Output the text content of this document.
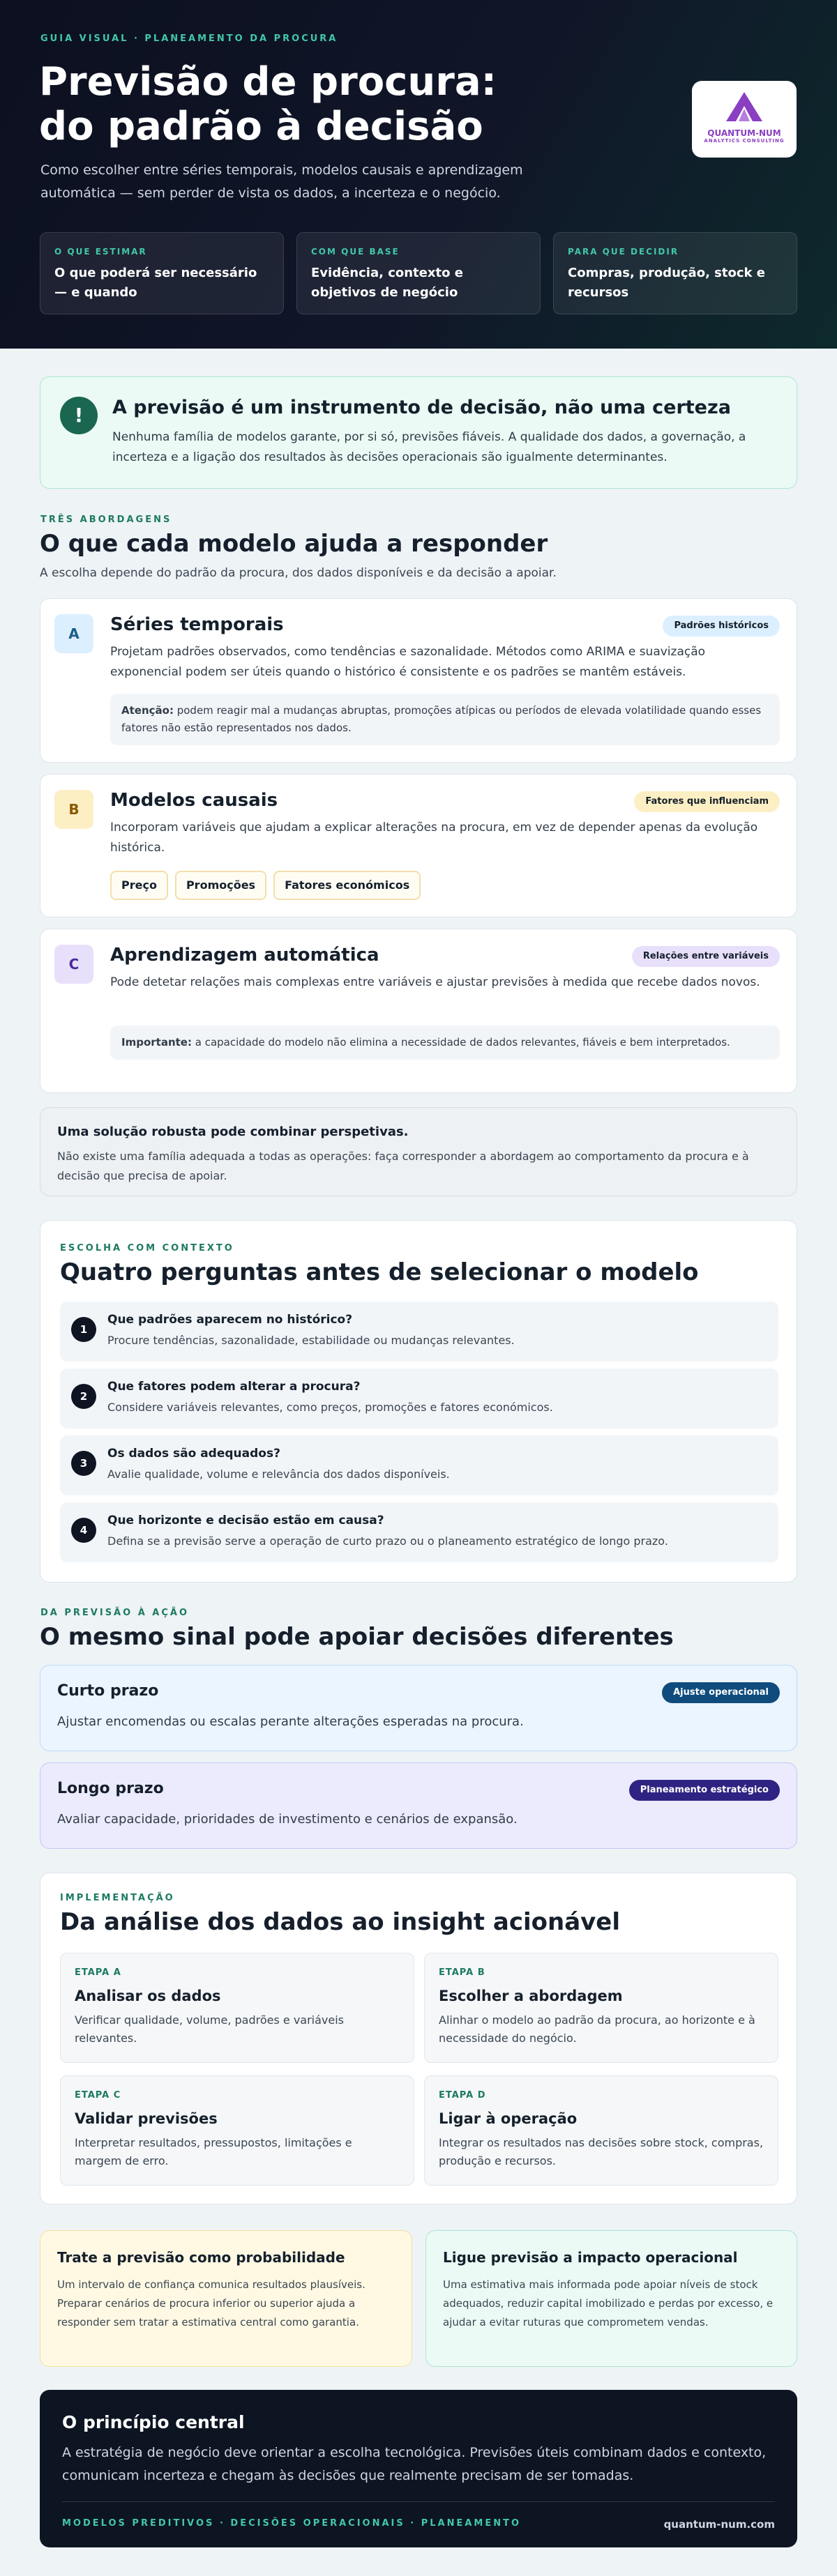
GUIA VISUAL · PLANEAMENTO DA PROCURA
Previsão de procura:
do padrão à decisão
Como escolher entre séries temporais, modelos causais e aprendizagem automática — sem perder de vista os dados, a incerteza e o negócio.
QUANTUM-NUM
ANALYTICS CONSULTING
O QUE ESTIMAR
O que poderá ser necessário — e quando
COM QUE BASE
Evidência, contexto e objetivos de negócio
PARA QUE DECIDIR
Compras, produção, stock e recursos
!	A previsão é um instrumento de decisão, não uma certeza

Nenhuma família de modelos garante, por si só, previsões fiáveis. A qualidade dos dados, a governação, a incerteza e a ligação dos resultados às decisões operacionais são igualmente determinantes.

TRÊS ABORDAGENS
O que cada modelo ajuda a responder
A escolha depende do padrão da procura, dos dados disponíveis e da decisão a apoiar.
A	Séries temporais	Padrões históricos
Projetam padrões observados, como tendências e sazonalidade. Métodos como ARIMA e suavização exponencial podem ser úteis quando o histórico é consistente e os padrões se mantêm estáveis.
Atenção: podem reagir mal a mudanças abruptas, promoções atípicas ou períodos de elevada volatilidade quando esses fatores não estão representados nos dados.
B	Modelos causais	Fatores que influenciam
Incorporam variáveis que ajudam a explicar alterações na procura, em vez de depender apenas da evolução histórica.
Preço	Promoções	Fatores económicos
C	Aprendizagem automática	Relações entre variáveis
Pode detetar relações mais complexas entre variáveis e ajustar previsões à medida que recebe dados novos.
Importante: a capacidade do modelo não elimina a necessidade de dados relevantes, fiáveis e bem interpretados.
Uma solução robusta pode combinar perspetivas.
Não existe uma família adequada a todas as operações: faça corresponder a abordagem ao comportamento da procura e à decisão que precisa de apoiar.
ESCOLHA COM CONTEXTO
Quatro perguntas antes de selecionar o modelo
1
Que padrões aparecem no histórico?
Procure tendências, sazonalidade, estabilidade ou mudanças relevantes.
2
Que fatores podem alterar a procura?
Considere variáveis relevantes, como preços, promoções e fatores económicos.
3
Os dados são adequados?
Avalie qualidade, volume e relevância dos dados disponíveis.
4
Que horizonte e decisão estão em causa?
Defina se a previsão serve a operação de curto prazo ou o planeamento estratégico de longo prazo.
DA PREVISÃO À AÇÃO
O mesmo sinal pode apoiar decisões diferentes
Curto prazo	Ajuste operacional

Ajustar encomendas ou escalas perante alterações esperadas na procura.

Longo prazo	Planeamento estratégico

Avaliar capacidade, prioridades de investimento e cenários de expansão.

IMPLEMENTAÇÃO
Da análise dos dados ao insight acionável
ETAPA A
Analisar os dados
Verificar qualidade, volume, padrões e variáveis relevantes.
ETAPA B
Escolher a abordagem
Alinhar o modelo ao padrão da procura, ao horizonte e à necessidade do negócio.
ETAPA C
Validar previsões
Interpretar resultados, pressupostos, limitações e margem de erro.
ETAPA D
Ligar à operação
Integrar os resultados nas decisões sobre stock, compras, produção e recursos.
Trate a previsão como probabilidade
Um intervalo de confiança comunica resultados plausíveis. Preparar cenários de procura inferior ou superior ajuda a responder sem tratar a estimativa central como garantia.
Ligue previsão a impacto operacional
Uma estimativa mais informada pode apoiar níveis de stock adequados, reduzir capital imobilizado e perdas por excesso, e ajudar a evitar ruturas que comprometem vendas.
O princípio central

A estratégia de negócio deve orientar a escolha tecnológica. Previsões úteis combinam dados e contexto, comunicam incerteza e chegam às decisões que realmente precisam de ser tomadas.

MODELOS PREDITIVOS · DECISÕES OPERACIONAIS · PLANEAMENTO	quantum-num.com
